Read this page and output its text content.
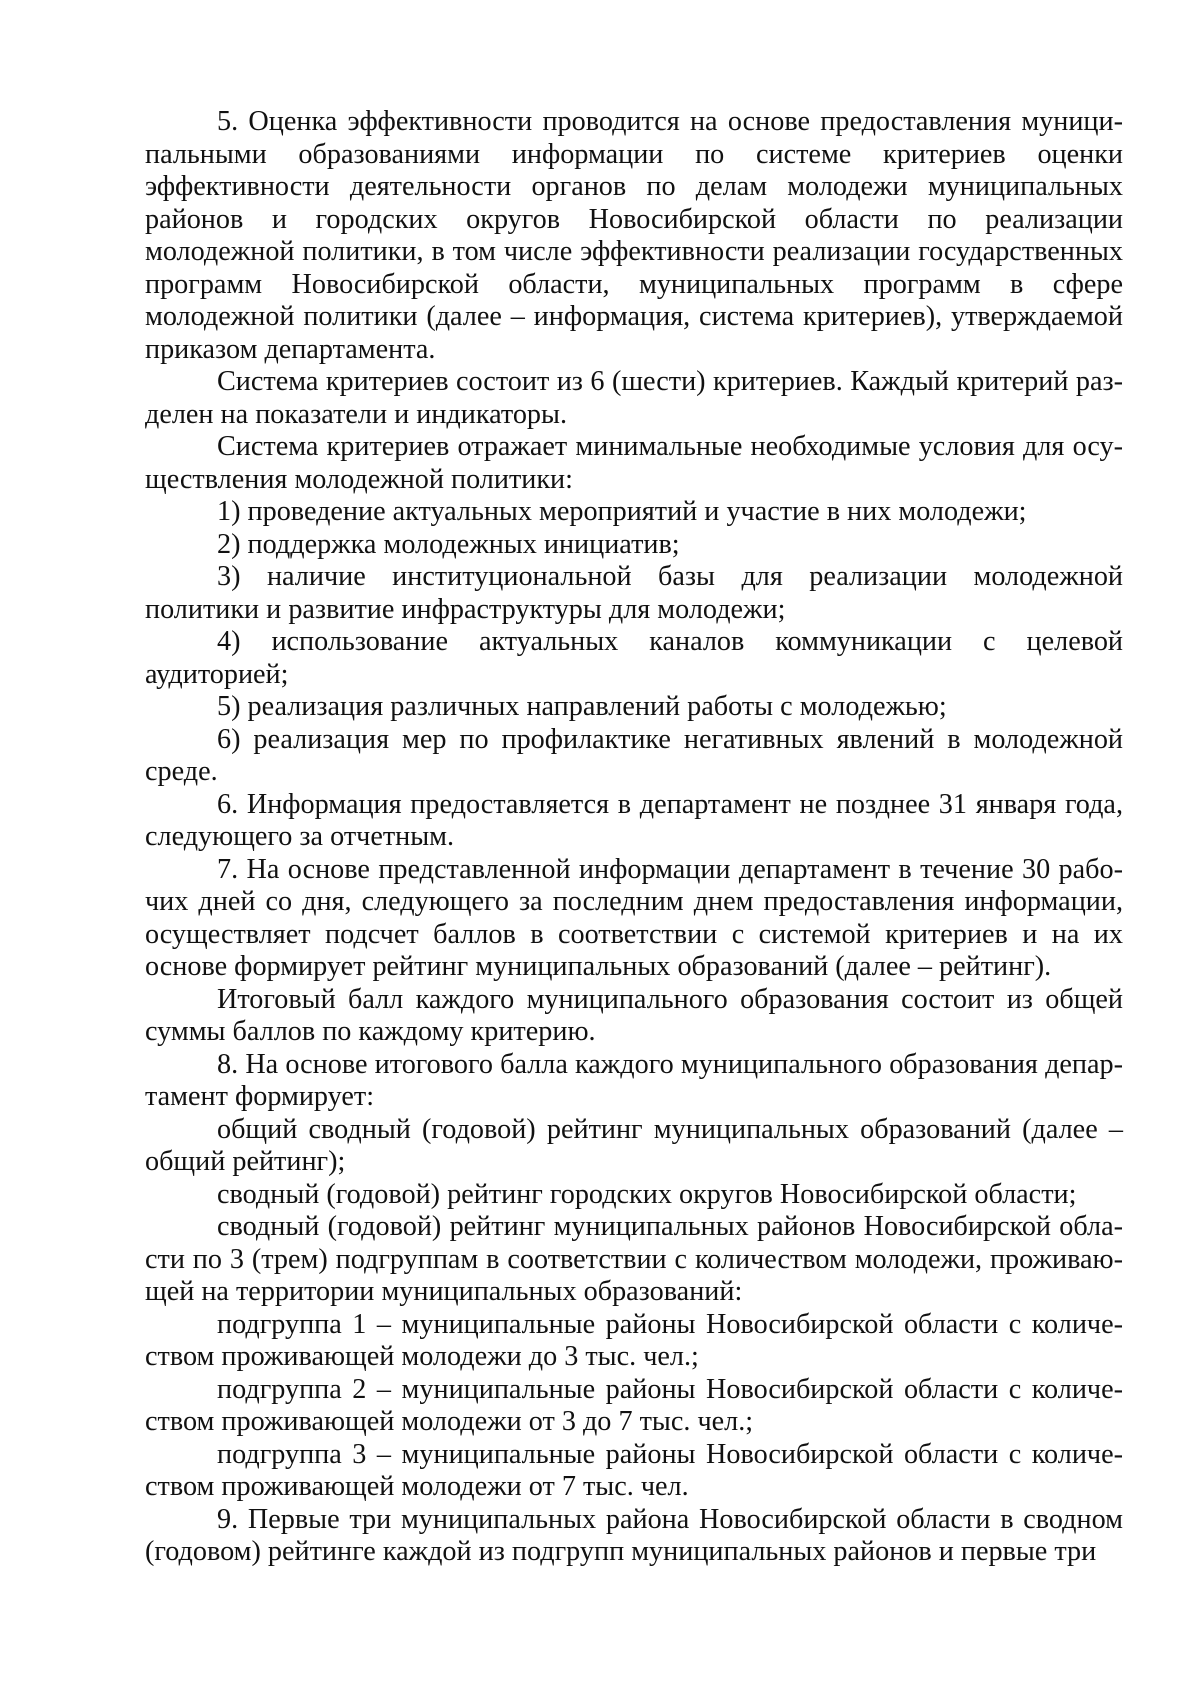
5. Оценка эффективности проводится на основе предоставления муниципальными образованиями информации по системе критериев оценки эффективности деятельности органов по делам молодежи муниципальных районов и городских округов Новосибирской области по реализации молодежной политики, в том числе эффективности реализации государственных программ Новосибирской области, муниципальных программ в сфере молодежной политики (далее – информация, система критериев), утверждаемой приказом департамента.

Система критериев состоит из 6 (шести) критериев. Каждый критерий разделен на показатели и индикаторы.

Система критериев отражает минимальные необходимые условия для осуществления молодежной политики:

1) проведение актуальных мероприятий и участие в них молодежи;

2) поддержка молодежных инициатив;

3) наличие институциональной базы для реализации молодежной политики и развитие инфраструктуры для молодежи;

4) использование актуальных каналов коммуникации с целевой аудиторией;

5) реализация различных направлений работы с молодежью;

6) реализация мер по профилактике негативных явлений в молодежной среде.

6. Информация предоставляется в департамент не позднее 31 января года, следующего за отчетным.

7. На основе представленной информации департамент в течение 30 рабочих дней со дня, следующего за последним днем предоставления информации, осуществляет подсчет баллов в соответствии с системой критериев и на их основе формирует рейтинг муниципальных образований (далее – рейтинг).

Итоговый балл каждого муниципального образования состоит из общей суммы баллов по каждому критерию.

8. На основе итогового балла каждого муниципального образования департамент формирует:

общий сводный (годовой) рейтинг муниципальных образований (далее – общий рейтинг);

сводный (годовой) рейтинг городских округов Новосибирской области;

сводный (годовой) рейтинг муниципальных районов Новосибирской области по 3 (трем) подгруппам в соответствии с количеством молодежи, проживающей на территории муниципальных образований:

подгруппа 1 – муниципальные районы Новосибирской области с количеством проживающей молодежи до 3 тыс. чел.;

подгруппа 2 – муниципальные районы Новосибирской области с количеством проживающей молодежи от 3 до 7 тыс. чел.;

подгруппа 3 – муниципальные районы Новосибирской области с количеством проживающей молодежи от 7 тыс. чел.

9. Первые три муниципальных района Новосибирской области в сводном (годовом) рейтинге каждой из подгрупп муниципальных районов и первые три
